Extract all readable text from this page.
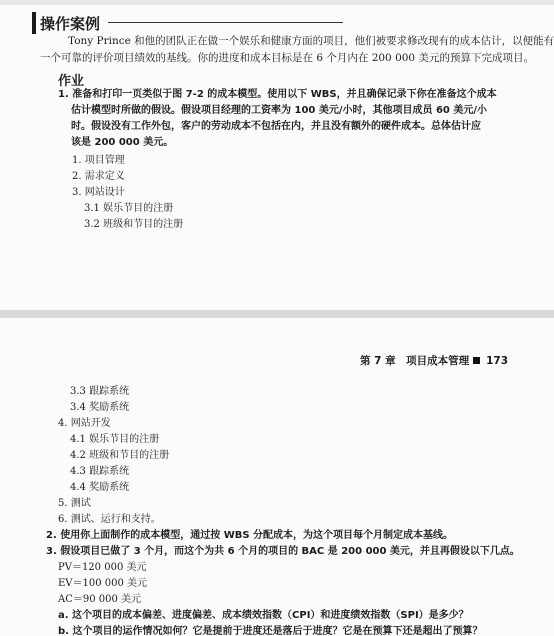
操作案例
Tony Prince 和他的团队正在做一个娱乐和健康方面的项目，他们被要求修改现有的成本估计，以便能有
一个可靠的评价项目绩效的基线。你的进度和成本目标是在 6 个月内在 200 000 美元的预算下完成项目。
作业
1. 准备和打印一页类似于图 7-2 的成本模型。使用以下 WBS，并且确保记录下你在准备这个成本
估计模型时所做的假设。假设项目经理的工资率为 100 美元/小时，其他项目成员 60 美元/小
时。假设没有工作外包，客户的劳动成本不包括在内，并且没有额外的硬件成本。总体估计应
该是 200 000 美元。
1. 项目管理
2. 需求定义
3. 网站设计
3.1 娱乐节目的注册
3.2 班级和节目的注册
第 7 章　项目成本管理 173
3.3 跟踪系统
3.4 奖励系统
4. 网站开发
4.1 娱乐节目的注册
4.2 班级和节目的注册
4.3 跟踪系统
4.4 奖励系统
5. 测试
6. 测试、运行和支持。
2. 使用你上面制作的成本模型，通过按 WBS 分配成本，为这个项目每个月制定成本基线。
3. 假设项目已做了 3 个月，而这个为共 6 个月的项目的 BAC 是 200 000 美元，并且再假设以下几点。
PV＝120 000 美元
EV＝100 000 美元
AC＝90 000 美元
a. 这个项目的成本偏差、进度偏差、成本绩效指数（CPI）和进度绩效指数（SPI）是多少？
b. 这个项目的运作情况如何？它是提前于进度还是落后于进度？它是在预算下还是超出了预算？
